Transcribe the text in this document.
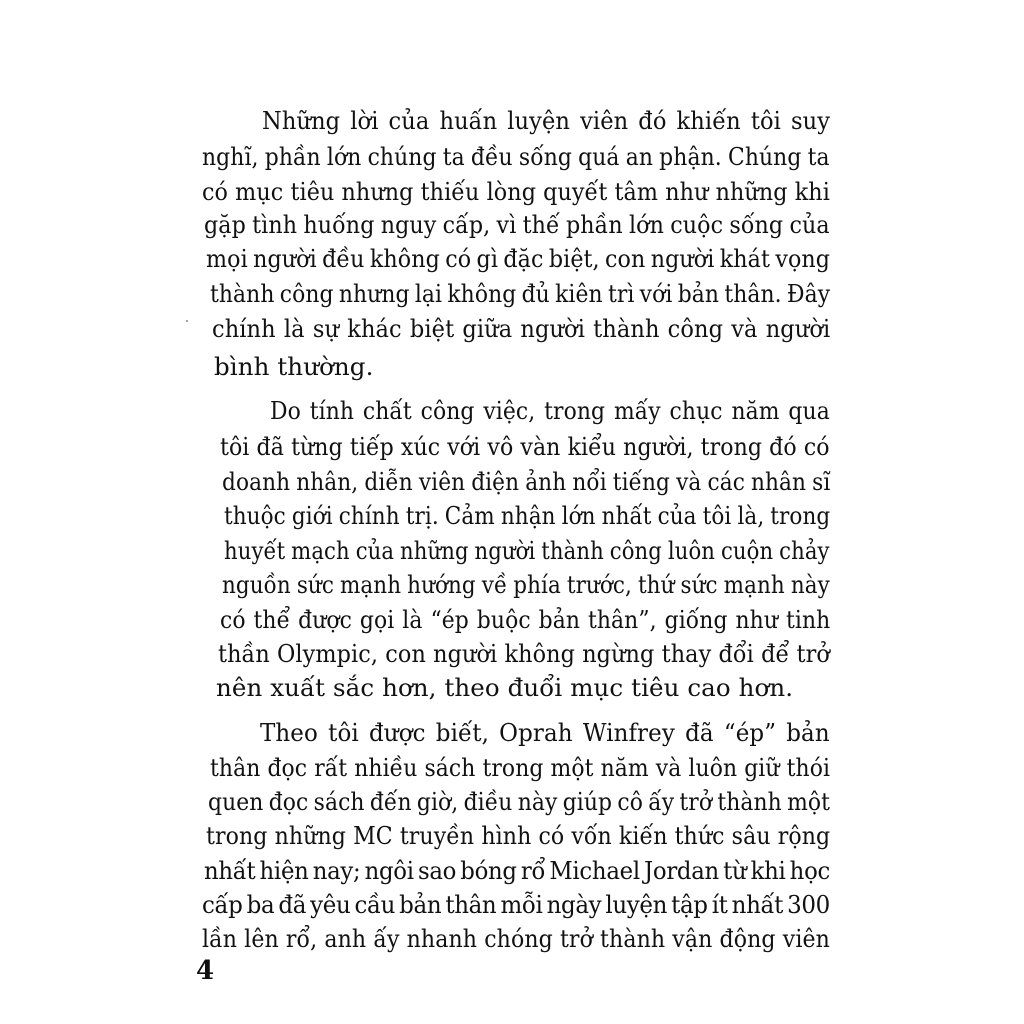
Những lời của huấn luyện viên đó khiến tôi suy
nghĩ, phần lớn chúng ta đều sống quá an phận. Chúng ta
có mục tiêu nhưng thiếu lòng quyết tâm như những khi
gặp tình huống nguy cấp, vì thế phần lớn cuộc sống của
mọi người đều không có gì đặc biệt, con người khát vọng
thành công nhưng lại không đủ kiên trì với bản thân. Đây
chính là sự khác biệt giữa người thành công và người
bình thường.
Do tính chất công việc, trong mấy chục năm qua
tôi đã từng tiếp xúc với vô vàn kiểu người, trong đó có
doanh nhân, diễn viên điện ảnh nổi tiếng và các nhân sĩ
thuộc giới chính trị. Cảm nhận lớn nhất của tôi là, trong
huyết mạch của những người thành công luôn cuộn chảy
nguồn sức mạnh hướng về phía trước, thứ sức mạnh này
có thể được gọi là “ép buộc bản thân”, giống như tinh
thần Olympic, con người không ngừng thay đổi để trở
nên xuất sắc hơn, theo đuổi mục tiêu cao hơn.
Theo tôi được biết, Oprah Winfrey đã “ép” bản
thân đọc rất nhiều sách trong một năm và luôn giữ thói
quen đọc sách đến giờ, điều này giúp cô ấy trở thành một
trong những MC truyền hình có vốn kiến thức sâu rộng
nhất hiện nay; ngôi sao bóng rổ Michael Jordan từ khi học
cấp ba đã yêu cầu bản thân mỗi ngày luyện tập ít nhất 300
lần lên rổ, anh ấy nhanh chóng trở thành vận động viên
4
